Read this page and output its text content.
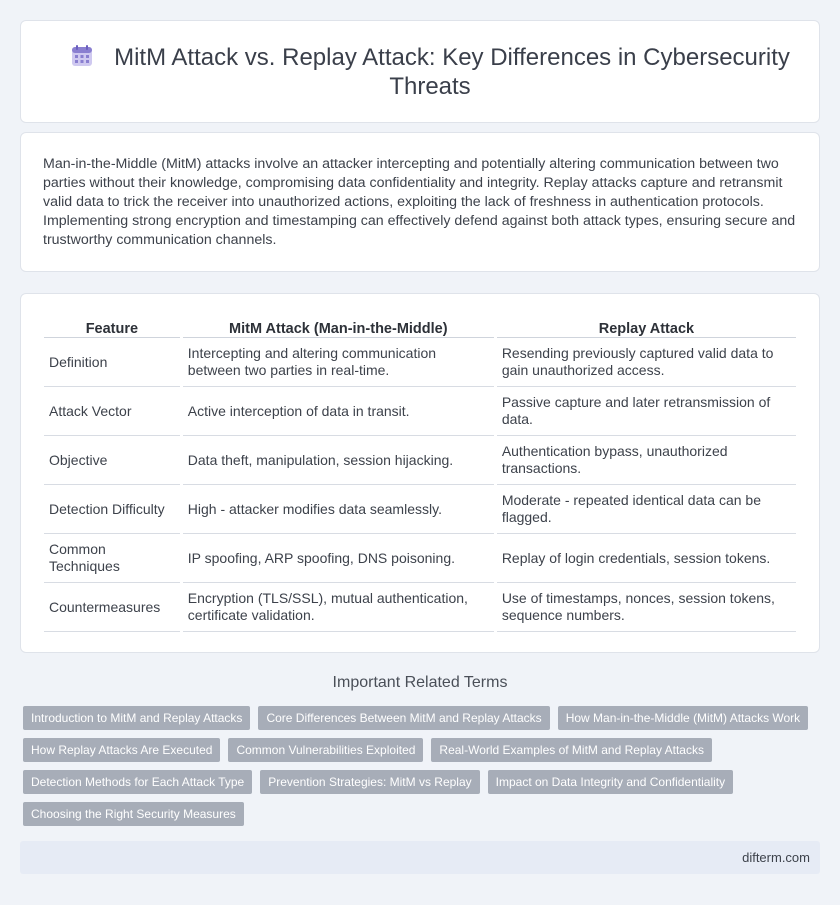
MitM Attack vs. Replay Attack: Key Differences in Cybersecurity Threats

Man-in-the-Middle (MitM) attacks involve an attacker intercepting and potentially altering communication between two parties without their knowledge, compromising data confidentiality and integrity. Replay attacks capture and retransmit valid data to trick the receiver into unauthorized actions, exploiting the lack of freshness in authentication protocols. Implementing strong encryption and timestamping can effectively defend against both attack types, ensuring secure and trustworthy communication channels.

Feature	MitM Attack (Man-in-the-Middle)	Replay Attack
Definition	Intercepting and altering communication between two parties in real-time.	Resending previously captured valid data to gain unauthorized access.
Attack Vector	Active interception of data in transit.	Passive capture and later retransmission of data.
Objective	Data theft, manipulation, session hijacking.	Authentication bypass, unauthorized transactions.
Detection Difficulty	High - attacker modifies data seamlessly.	Moderate - repeated identical data can be flagged.
Common Techniques	IP spoofing, ARP spoofing, DNS poisoning.	Replay of login credentials, session tokens.
Countermeasures	Encryption (TLS/SSL), mutual authentication, certificate validation.	Use of timestamps, nonces, session tokens, sequence numbers.
Important Related Terms
Introduction to MitM and Replay Attacks	Core Differences Between MitM and Replay Attacks	How Man-in-the-Middle (MitM) Attacks Work
How Replay Attacks Are Executed	Common Vulnerabilities Exploited	Real-World Examples of MitM and Replay Attacks
Detection Methods for Each Attack Type	Prevention Strategies: MitM vs Replay	Impact on Data Integrity and Confidentiality
Choosing the Right Security Measures
difterm.com
